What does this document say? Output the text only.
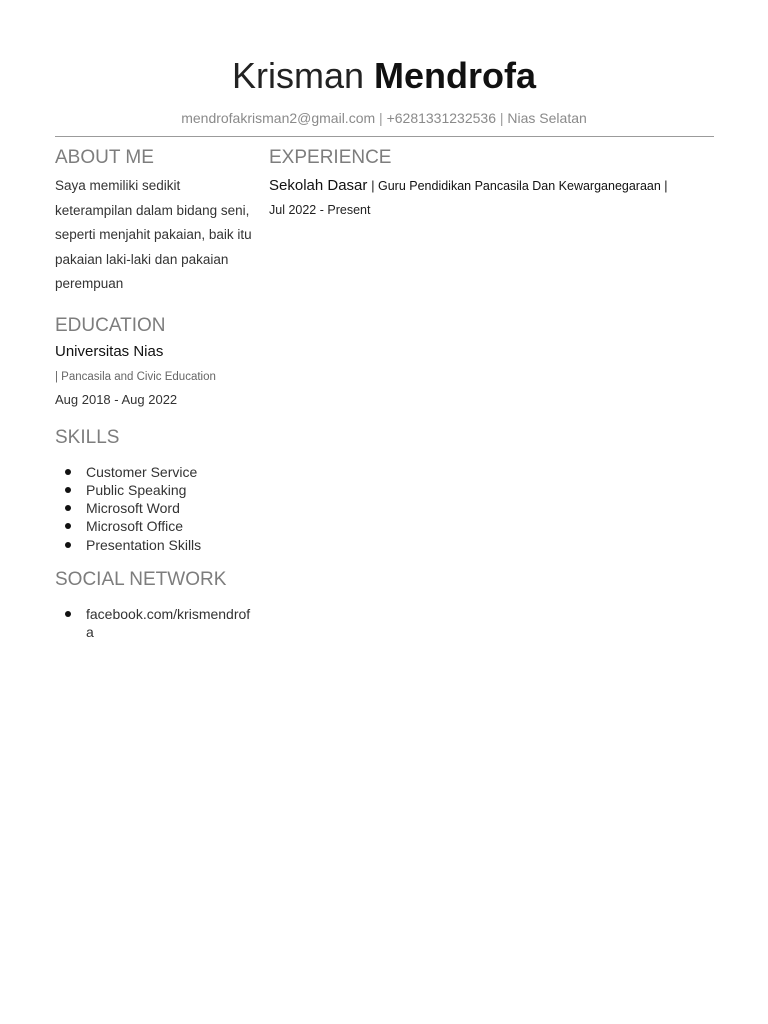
Krisman Mendrofa
mendrofakrisman2@gmail.com | +6281331232536 | Nias Selatan
ABOUT ME

Saya memiliki sedikit keterampilan dalam bidang seni, seperti menjahit pakaian, baik itu pakaian laki-laki dan pakaian perempuan

EDUCATION

Universitas Nias

| Pancasila and Civic Education

Aug 2018 - Aug 2022

SKILLS
Customer Service
Public Speaking
Microsoft Word
Microsoft Office
Presentation Skills
SOCIAL NETWORK
facebook.com/krismendrofa
EXPERIENCE

Sekolah Dasar | Guru Pendidikan Pancasila Dan Kewarganegaraan |

Jul 2022 - Present
